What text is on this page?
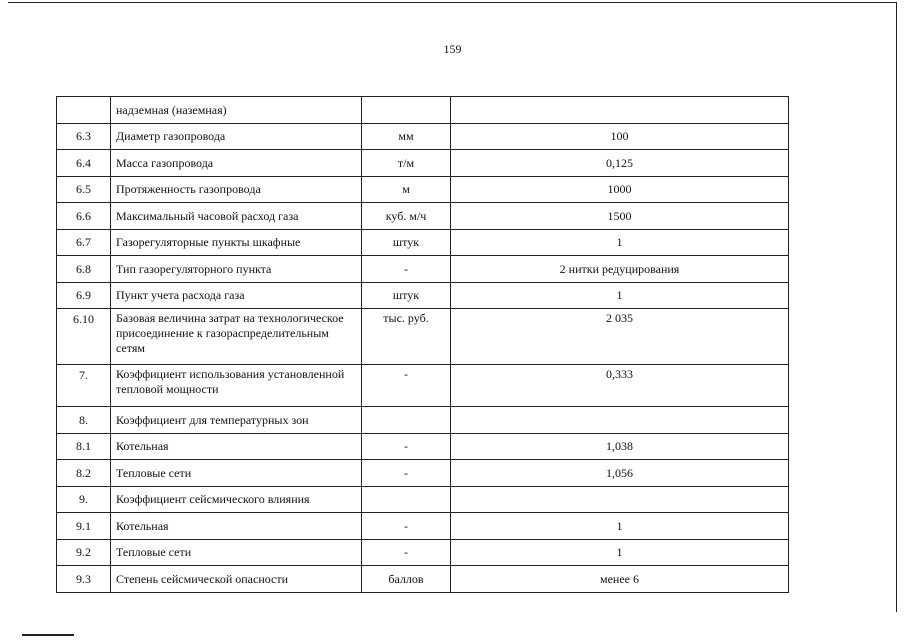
159
	надземная (наземная)		
6.3	Диаметр газопровода	мм	100
6.4	Масса газопровода	т/м	0,125
6.5	Протяженность газопровода	м	1000
6.6	Максимальный часовой расход газа	куб. м/ч	1500
6.7	Газорегуляторные пункты шкафные	штук	1
6.8	Тип газорегуляторного пункта	-	2 нитки редуцирования
6.9	Пункт учета расхода газа	штук	1
6.10	Базовая величина затрат на технологическое присоединение к газораспределительным сетям	тыс. руб.	2 035
7.	Коэффициент использования установленной тепловой мощности	-	0,333
8.	Коэффициент для температурных зон		
8.1	Котельная	-	1,038
8.2	Тепловые сети	-	1,056
9.	Коэффициент сейсмического влияния		
9.1	Котельная	-	1
9.2	Тепловые сети	-	1
9.3	Степень сейсмической опасности	баллов	менее 6
